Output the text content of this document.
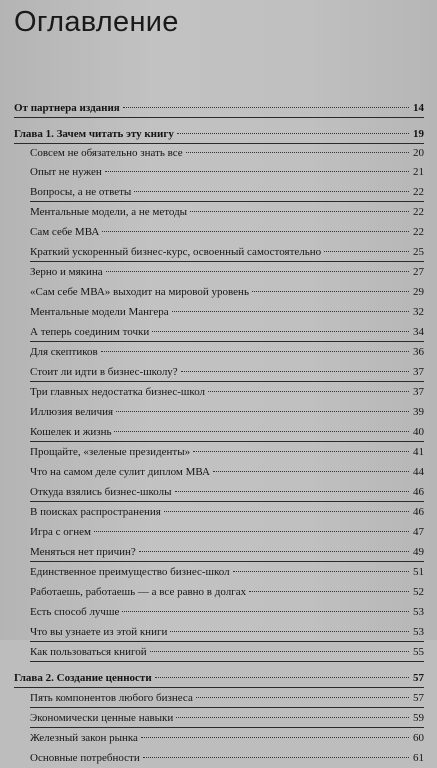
Оглавление
От партнера издания	14
Глава 1. Зачем читать эту книгу	19
Совсем не обязательно знать все	20
Опыт не нужен	21
Вопросы, а не ответы	22
Ментальные модели, а не методы	22
Сам себе МВА	22
Краткий ускоренный бизнес-курс, освоенный самостоятельно	25
Зерно и мякина	27
«Сам себе МВА» выходит на мировой уровень	29
Ментальные модели Мангера	32
А теперь соединим точки	34
Для скептиков	36
Стоит ли идти в бизнес-школу?	37
Три главных недостатка бизнес-школ	37
Иллюзия величия	39
Кошелек и жизнь	40
Прощайте, «зеленые президенты»	41
Что на самом деле сулит диплом МВА	44
Откуда взялись бизнес-школы	46
В поисках распространения	46
Игра с огнем	47
Меняться нет причин?	49
Единственное преимущество бизнес-школ	51
Работаешь, работаешь — а все равно в долгах	52
Есть способ лучше	53
Что вы узнаете из этой книги	53
Как пользоваться книгой	55
Глава 2. Создание ценности	57
Пять компонентов любого бизнеса	57
Экономически ценные навыки	59
Железный закон рынка	60
Основные потребности	61
